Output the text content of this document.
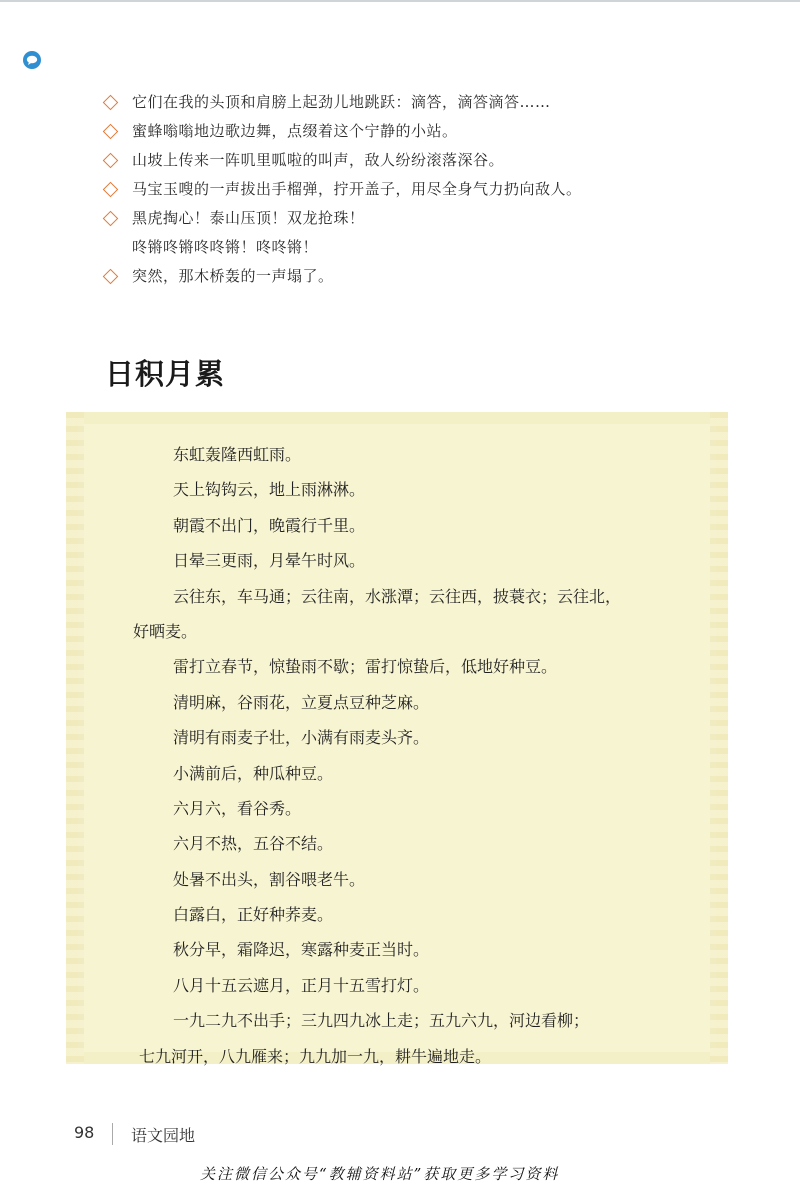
它们在我的头顶和肩膀上起劲儿地跳跃：滴答，滴答滴答……
蜜蜂嗡嗡地边歌边舞，点缀着这个宁静的小站。
山坡上传来一阵叽里呱啦的叫声，敌人纷纷滚落深谷。
马宝玉嗖的一声拔出手榴弹，拧开盖子，用尽全身气力扔向敌人。
黑虎掏心！泰山压顶！双龙抢珠！
咚锵咚锵咚咚锵！咚咚锵！
突然，那木桥轰的一声塌了。
日积月累
东虹轰隆西虹雨。
天上钩钩云，地上雨淋淋。
朝霞不出门，晚霞行千里。
日晕三更雨，月晕午时风。
云往东，车马通；云往南，水涨潭；云往西，披蓑衣；云往北，
好晒麦。
雷打立春节，惊蛰雨不歇；雷打惊蛰后，低地好种豆。
清明麻，谷雨花，立夏点豆种芝麻。
清明有雨麦子壮，小满有雨麦头齐。
小满前后，种瓜种豆。
六月六，看谷秀。
六月不热，五谷不结。
处暑不出头，割谷喂老牛。
白露白，正好种荞麦。
秋分早，霜降迟，寒露种麦正当时。
八月十五云遮月，正月十五雪打灯。
一九二九不出手；三九四九冰上走；五九六九，河边看柳；
七九河开，八九雁来；九九加一九，耕牛遍地走。
98 语文园地
关注微信公众号“教辅资料站”获取更多学习资料
